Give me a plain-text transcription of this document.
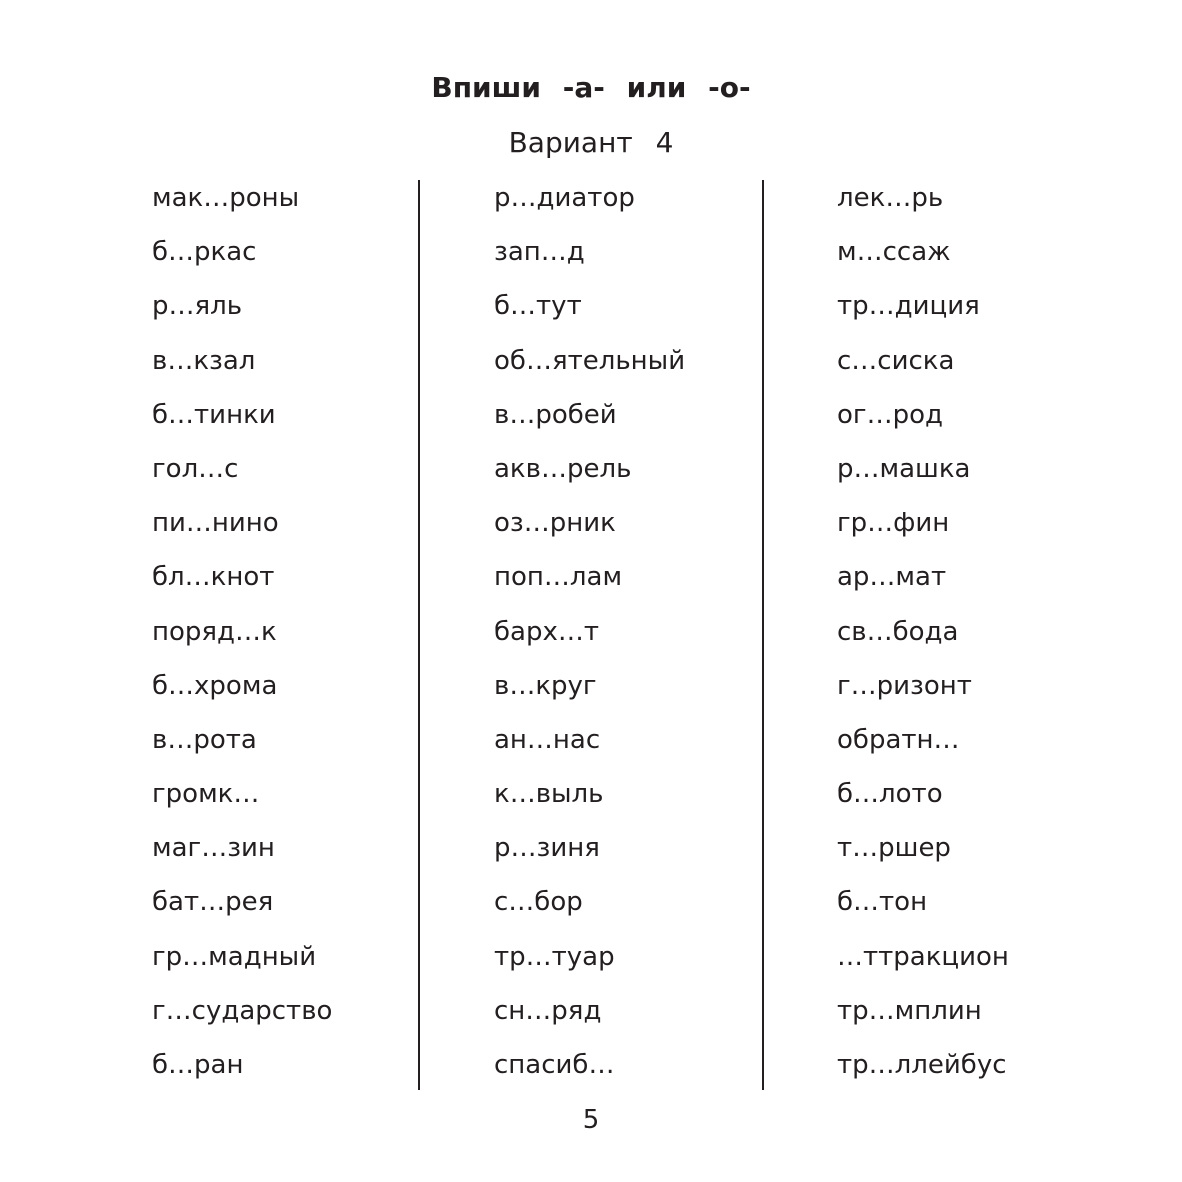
Впиши -а- или -о-
Вариант 4
мак…роны
б…ркас
р…яль
в…кзал
б…тинки
гол…с
пи…нино
бл…кнот
поряд…к
б…хрома
в…рота
громк…
маг…зин
бат…рея
гр…мадный
г…сударство
б…ран
р…диатор
зап…д
б…тут
об…ятельный
в…робей
акв…рель
оз…рник
поп…лам
барх…т
в…круг
ан…нас
к…выль
р…зиня
с…бор
тр…туар
сн…ряд
спасиб…
лек…рь
м…ссаж
тр…диция
с…сиска
ог…род
р…машка
гр…фин
ар…мат
св…бода
г…ризонт
обратн…
б…лото
т…ршер
б…тон
…ттракцион
тр…мплин
тр…ллейбус
5
